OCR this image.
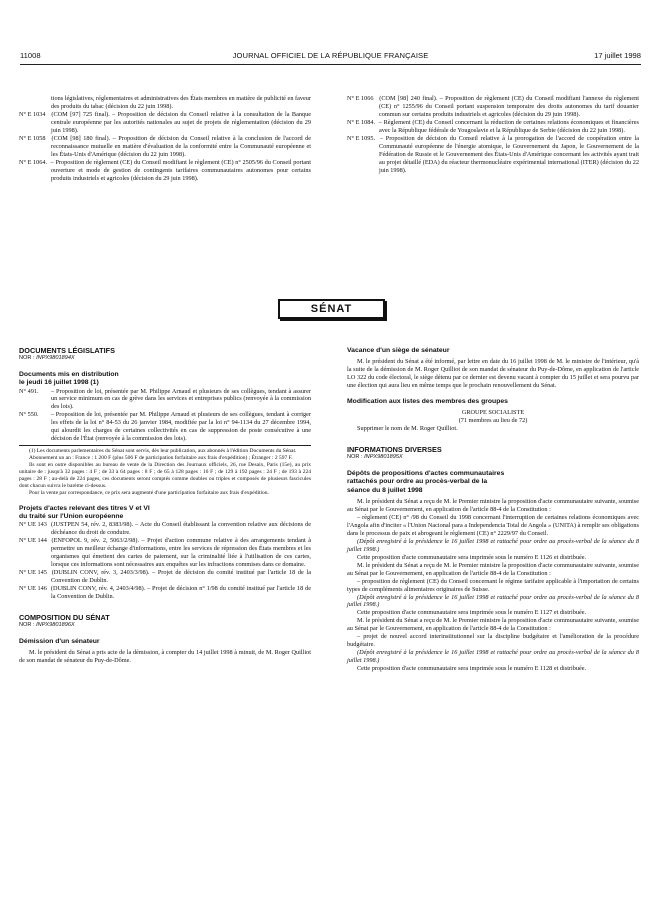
11008	JOURNAL OFFICIEL DE LA RÉPUBLIQUE FRANÇAISE	17 juillet 1998

tions législatives, réglementaires et administratives des États membres en matière de publicité en faveur des produits du tabac (décision du 22 juin 1998).

N° E 1034 (COM [97] 725 final). – Proposition de décision du Conseil relative à la consultation de la Banque centrale européenne par les autorités nationales au sujet de projets de réglementation (décision du 29 juin 1998).

N° E 1058 (COM [98] 180 final). – Proposition de décision du Conseil relative à la conclusion de l'accord de reconnaissance mutuelle en matière d'évaluation de la conformité entre la Communauté européenne et les États-Unis d'Amérique (décision du 22 juin 1998).

N° E 1064. – Proposition de règlement (CE) du Conseil modifiant le règlement (CE) n° 2505/96 du Conseil portant ouverture et mode de gestion de contingents tarifaires communautaires autonomes pour certains produits industriels et agricoles (décision du 29 juin 1998).

N° E 1066 (COM [98] 240 final). – Proposition de règlement (CE) du Conseil modifiant l'annexe du règlement (CE) n° 1255/96 du Conseil portant suspension temporaire des droits autonomes du tarif douanier commun sur certains produits industriels et agricoles (décision du 29 juin 1998).

N° E 1084. – Règlement (CE) du Conseil concernant la réduction de certaines relations économiques et financières avec la République fédérale de Yougoslavie et la République de Serbie (décision du 22 juin 1998).

N° E 1095. – Proposition de décision du Conseil relative à la prorogation de l'accord de coopération entre la Communauté européenne de l'énergie atomique, le Gouvernement du Japon, le Gouvernement de la Fédération de Russie et le Gouvernement des États-Unis d'Amérique concernant les activités ayant trait au projet détaillé (EDA) du réacteur thermonucléaire expérimental international (ITER) (décision du 22 juin 1998).

SÉNAT

DOCUMENTS LÉGISLATIFS

NOR : INPX9801894X

Documents mis en distribution

le jeudi 16 juillet 1998 (1)

N° 491. – Proposition de loi, présentée par M. Philippe Arnaud et plusieurs de ses collègues, tendant à assurer un service minimum en cas de grève dans les services et entreprises publics (renvoyée à la commission des lois).

N° 550. – Proposition de loi, présentée par M. Philippe Arnaud et plusieurs de ses collègues, tendant à corriger les effets de la loi n° 84-53 du 26 janvier 1984, modifiée par la loi n° 94-1134 du 27 décembre 1994, qui alourdit les charges de certaines collectivités en cas de suppression de poste consécutive à une décision de l'État (renvoyée à la commission des lois).

(1) Les documents parlementaires du Sénat sont servis, dès leur publication, aux abonnés à l'édition Documents du Sénat.

Abonnement un an : France : 1 200 F (plus 506 F de participation forfaitaire aux frais d'expédition) ; Étranger : 2 597 F.

Ils sont en outre disponibles au bureau de vente de la Direction des Journaux officiels, 26, rue Desaix, Paris (15e), au prix unitaire de : jusqu'à 32 pages : 4 F ; de 33 à 64 pages : 8 F ; de 65 à 128 pages : 16 F ; de 129 à 192 pages : 24 F ; de 193 à 224 pages : 28 F ; au-delà de 224 pages, ces documents seront comptés comme doubles ou triples et composés de plusieurs fascicules dont chacun suivra le barème ci-dessus.

Pour la vente par correspondance, ce prix sera augmenté d'une participation forfaitaire aux frais d'expédition.

Projets d'actes relevant des titres V et VI

du traité sur l'Union européenne

N° UE 143 (JUSTPEN 54, rév. 2, 8383/98). – Acte du Conseil établissant la convention relative aux décisions de déchéance du droit de conduire.

N° UE 144 (ENFOPOL 9, rév. 2, 5063/2/98). – Projet d'action commune relative à des arrangements tendant à permettre un meilleur échange d'informations, entre les services de répression des États membres et les organismes qui émettent des cartes de paiement, sur la criminalité liée à l'utilisation de ces cartes, lorsque ces informations sont nécessaires aux enquêtes sur les infractions commises dans ce domaine.

N° UE 145 (DUBLIN CONV, rév. 3, 2403/3/98). – Projet de décision du comité institué par l'article 18 de la Convention de Dublin.

N° UE 146 (DUBLIN CONV, rév. 4, 2403/4/98). – Projet de décision n° 1/98 du comité institué par l'article 18 de la Convention de Dublin.

COMPOSITION DU SÉNAT

NOR : INPX9801896X

Démission d'un sénateur

M. le président du Sénat a pris acte de la démission, à compter du 14 juillet 1998 à minuit, de M. Roger Quilliot de son mandat de sénateur du Puy-de-Dôme.

Vacance d'un siège de sénateur

M. le président du Sénat a été informé, par lettre en date du 16 juillet 1998 de M. le ministre de l'intérieur, qu'à la suite de la démission de M. Roger Quilliot de son mandat de sénateur du Puy-de-Dôme, en application de l'article LO 322 du code électoral, le siège détenu par ce dernier est devenu vacant à compter du 15 juillet et sera pourvu par une élection qui aura lieu en même temps que le prochain renouvellement du Sénat.

Modification aux listes des membres des groupes

GROUPE SOCIALISTE

(71 membres au lieu de 72)

Supprimer le nom de M. Roger Quilliot.

INFORMATIONS DIVERSES

NOR : INPX9801895X

Dépôts de propositions d'actes communautaires

rattachés pour ordre au procès-verbal de la

séance du 8 juillet 1998

M. le président du Sénat a reçu de M. le Premier ministre la proposition d'acte communautaire suivante, soumise au Sénat par le Gouvernement, en application de l'article 88-4 de la Constitution :

– règlement (CE) n° /98 du Conseil du 1998 concernant l'interruption de certaines relations économiques avec l'Angola afin d'inciter « l'Union Nacional para a Independencia Total de Angola » (UNITA) à remplir ses obligations dans le processus de paix et abrogeant le règlement (CE) n° 2229/97 du Conseil.

(Dépôt enregistré à la présidence le 16 juillet 1998 et rattaché pour ordre au procès-verbal de la séance du 8 juillet 1998.)

Cette proposition d'acte communautaire sera imprimée sous le numéro E 1126 et distribuée.

M. le président du Sénat a reçu de M. le Premier ministre la proposition d'acte communautaire suivante, soumise au Sénat par le Gouvernement, en application de l'article 88-4 de la Constitution :

– proposition de règlement (CE) du Conseil concernant le régime tarifaire applicable à l'importation de certains types de compléments alimentaires originaires de Suisse.

(Dépôt enregistré à la présidence le 16 juillet 1998 et rattaché pour ordre au procès-verbal de la séance du 8 juillet 1998.)

Cette proposition d'acte communautaire sera imprimée sous le numéro E 1127 et distribuée.

M. le président du Sénat a reçu de M. le Premier ministre la proposition d'acte communautaire suivante, soumise au Sénat par le Gouvernement, en application de l'article 88-4 de la Constitution :

– projet de nouvel accord interinstitutionnel sur la discipline budgétaire et l'amélioration de la procédure budgétaire.

(Dépôt enregistré à la présidence le 16 juillet 1998 et rattaché pour ordre au procès-verbal de la séance du 8 juillet 1998.)

Cette proposition d'acte communautaire sera imprimée sous le numéro E 1128 et distribuée.
